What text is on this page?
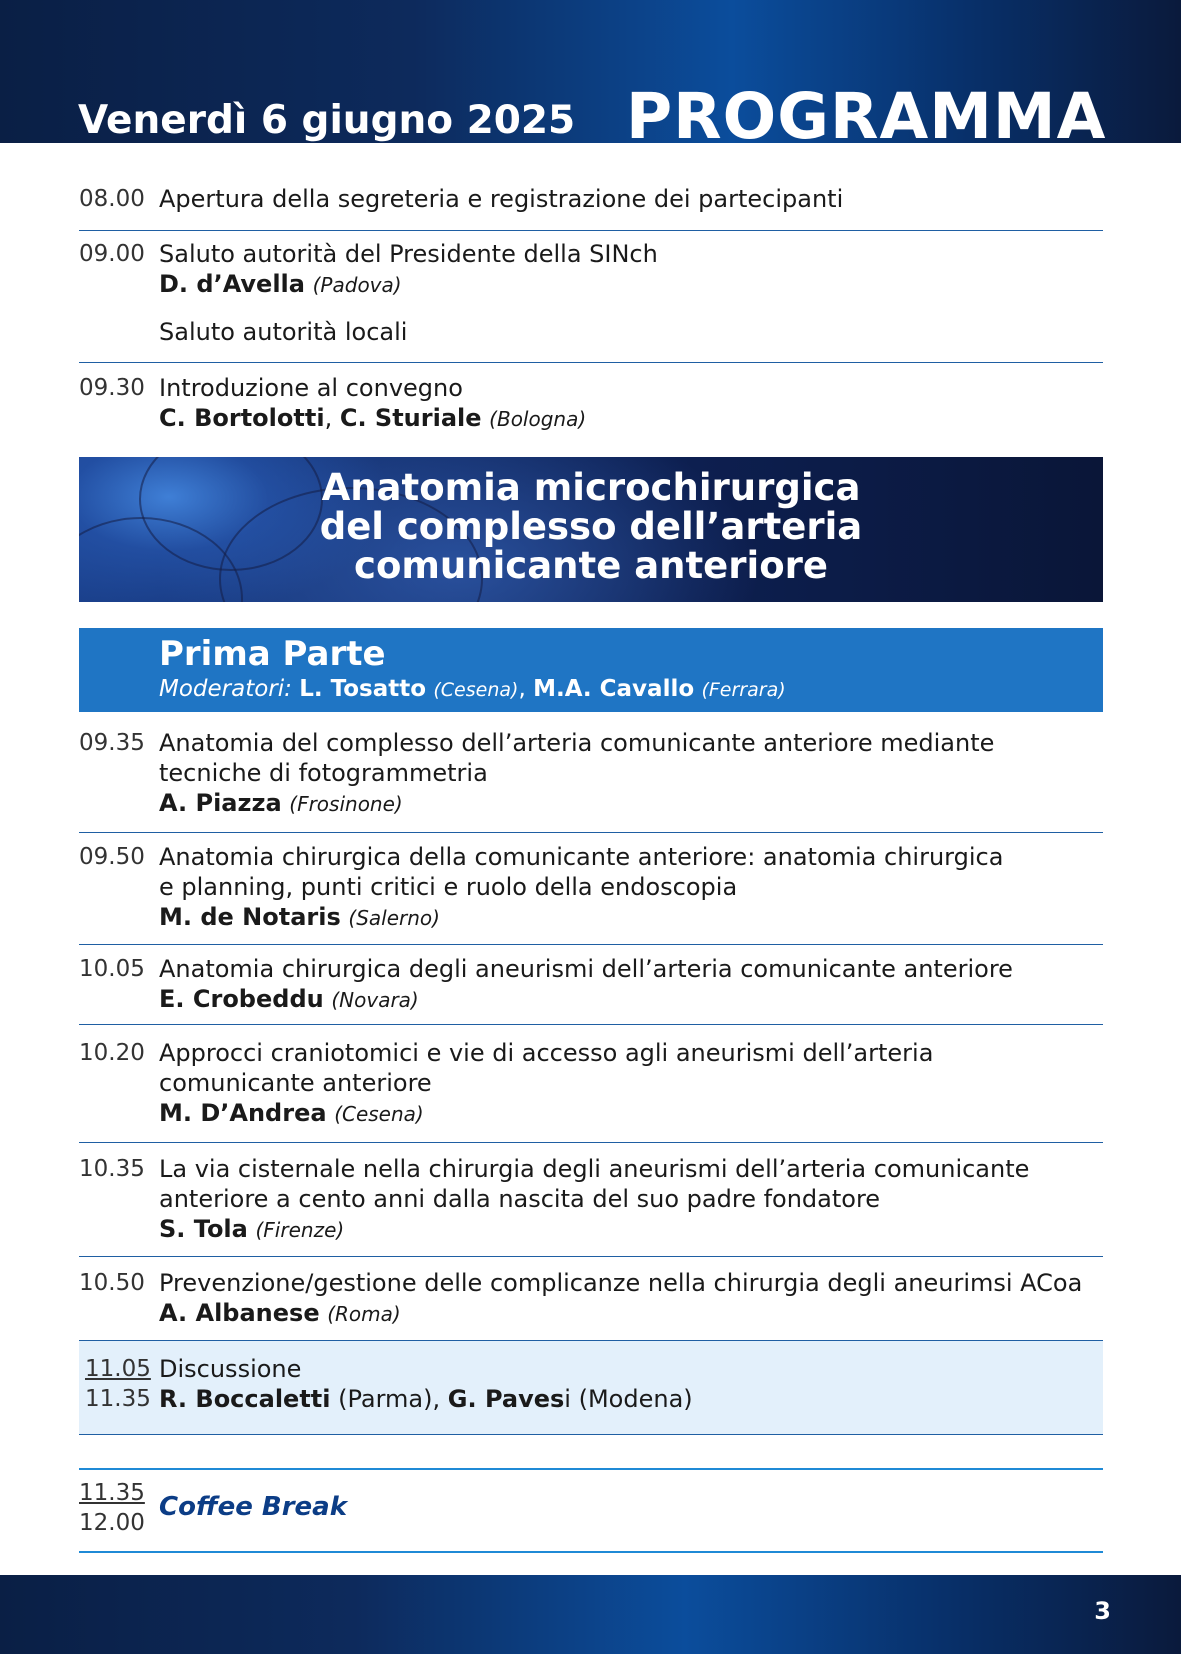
Venerdì 6 giugno 2025 PROGRAMMA
08.00 Apertura della segreteria e registrazione dei partecipanti
09.00 Saluto autorità del Presidente della SINch
D. d’Avella (Padova)
Saluto autorità locali
09.30 Introduzione al convegno
C. Bortolotti, C. Sturiale (Bologna)
Anatomia microchirurgica
del complesso dell’arteria
comunicante anteriore
Prima Parte
Moderatori: L. Tosatto (Cesena), M.A. Cavallo (Ferrara)
09.35 Anatomia del complesso dell’arteria comunicante anteriore mediante
tecniche di fotogrammetria
A. Piazza (Frosinone)
09.50 Anatomia chirurgica della comunicante anteriore: anatomia chirurgica
e planning, punti critici e ruolo della endoscopia
M. de Notaris (Salerno)
10.05 Anatomia chirurgica degli aneurismi dell’arteria comunicante anteriore
E. Crobeddu (Novara)
10.20 Approcci craniotomici e vie di accesso agli aneurismi dell’arteria
comunicante anteriore
M. D’Andrea (Cesena)
10.35 La via cisternale nella chirurgia degli aneurismi dell’arteria comunicante
anteriore a cento anni dalla nascita del suo padre fondatore
S. Tola (Firenze)
10.50 Prevenzione/gestione delle complicanze nella chirurgia degli aneurimsi ACoa
A. Albanese (Roma)
11.05
11.35
Discussione
R. Boccaletti (Parma), G. Pavesi (Modena)
11.35
12.00
Coffee Break
3
